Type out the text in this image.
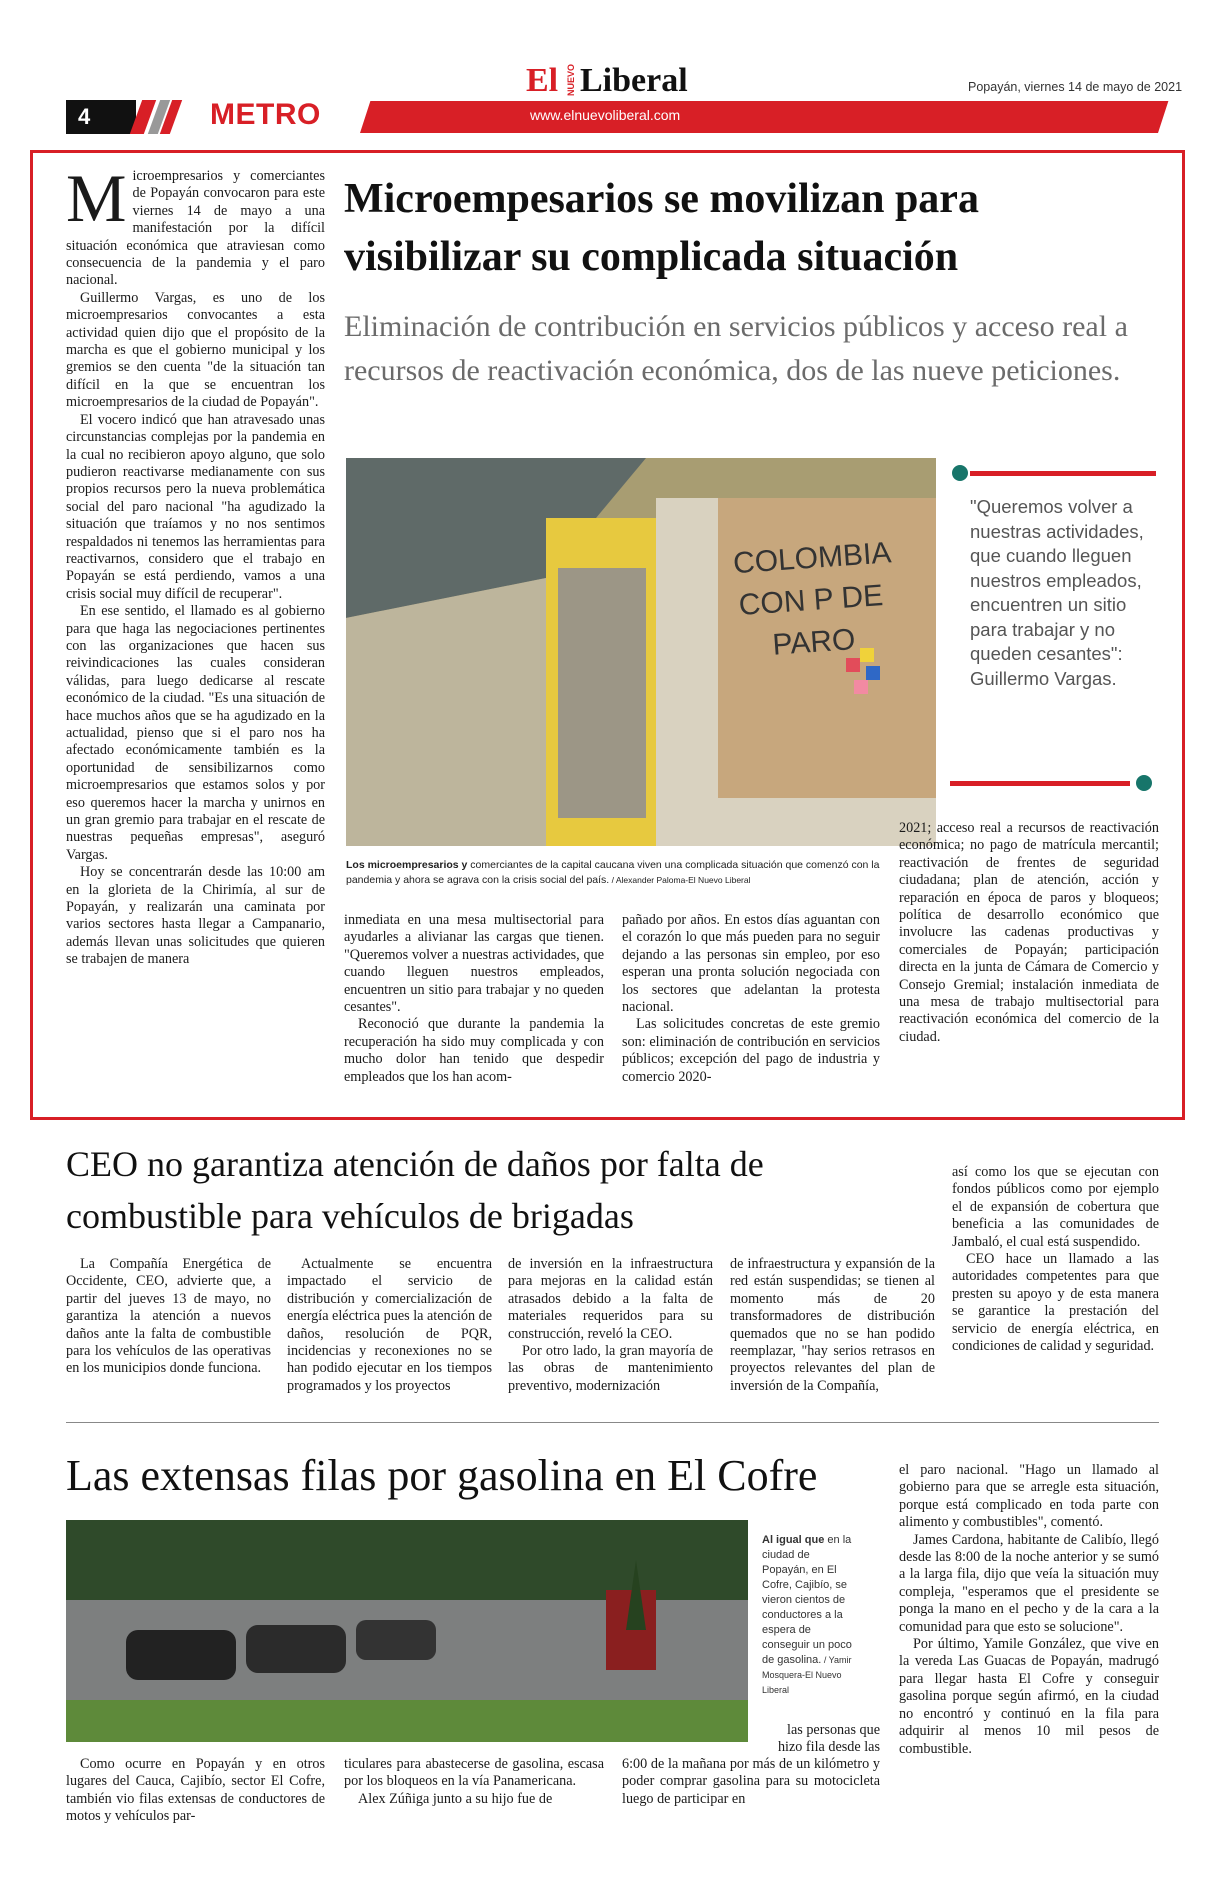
4	METRO
El NUEVO Liberal	Popayán, viernes 14 de mayo de 2021
www.elnuevoliberal.com

Microempresarios y comerciantes de Popayán convocaron para este viernes 14 de mayo a una manifestación por la difícil situación económica que atraviesan como consecuencia de la pandemia y el paro nacional.

Guillermo Vargas, es uno de los microempresarios convocantes a esta actividad quien dijo que el propósito de la marcha es que el gobierno municipal y los gremios se den cuenta "de la situación tan difícil en la que se encuentran los microempresarios de la ciudad de Popayán".

El vocero indicó que han atravesado unas circunstancias complejas por la pandemia en la cual no recibieron apoyo alguno, que solo pudieron reactivarse medianamente con sus propios recursos pero la nueva problemática social del paro nacional "ha agudizado la situación que traíamos y no nos sentimos respaldados ni tenemos las herramientas para reactivarnos, considero que el trabajo en Popayán se está perdiendo, vamos a una crisis social muy difícil de recuperar".

En ese sentido, el llamado es al gobierno para que haga las negociaciones pertinentes con las organizaciones que hacen sus reivindicaciones las cuales consideran válidas, para luego dedicarse al rescate económico de la ciudad. "Es una situación de hace muchos años que se ha agudizado en la actualidad, pienso que si el paro nos ha afectado económicamente también es la oportunidad de sensibilizarnos como microempresarios que estamos solos y por eso queremos hacer la marcha y unirnos en un gran gremio para trabajar en el rescate de nuestras pequeñas empresas", aseguró Vargas.

Hoy se concentrarán desde las 10:00 am en la glorieta de la Chirimía, al sur de Popayán, y realizarán una caminata por varios sectores hasta llegar a Campanario, además llevan unas solicitudes que quieren se trabajen de manera

Microempesarios se movilizan para visibilizar su complicada situación
Eliminación de contribución en servicios públicos y acceso real a recursos de reactivación económica, dos de las nueve peticiones.
COLOMBIA CON P DE PARO
Los microempresarios y comerciantes de la capital caucana viven una complicada situación que comenzó con la pandemia y ahora se agrava con la crisis social del país. / Alexander Paloma-El Nuevo Liberal
"Queremos volver a nuestras actividades, que cuando lleguen nuestros empleados, encuentren un sitio para trabajar y no queden cesantes": Guillermo Vargas.

inmediata en una mesa multisectorial para ayudarles a alivianar las cargas que tienen. "Queremos volver a nuestras actividades, que cuando lleguen nuestros empleados, encuentren un sitio para trabajar y no queden cesantes".

Reconoció que durante la pandemia la recuperación ha sido muy complicada y con mucho dolor han tenido que despedir empleados que los han acom-

pañado por años. En estos días aguantan con el corazón lo que más pueden para no seguir dejando a las personas sin empleo, por eso esperan una pronta solución negociada con los sectores que adelantan la protesta nacional.

Las solicitudes concretas de este gremio son: eliminación de contribución en servicios públicos; excepción del pago de industria y comercio 2020-

2021; acceso real a recursos de reactivación económica; no pago de matrícula mercantil; reactivación de frentes de seguridad ciudadana; plan de atención, acción y reparación en época de paros y bloqueos; política de desarrollo económico que involucre las cadenas productivas y comerciales de Popayán; participación directa en la junta de Cámara de Comercio y Consejo Gremial; instalación inmediata de una mesa de trabajo multisectorial para reactivación económica del comercio de la ciudad.

CEO no garantiza atención de daños por falta de combustible para vehículos de brigadas

La Compañía Energética de Occidente, CEO, advierte que, a partir del jueves 13 de mayo, no garantiza la atención a nuevos daños ante la falta de combustible para los vehículos de las operativas en los municipios donde funciona.

Actualmente se encuentra impactado el servicio de distribución y comercialización de energía eléctrica pues la atención de daños, resolución de PQR, incidencias y reconexiones no se han podido ejecutar en los tiempos programados y los proyectos

de inversión en la infraestructura para mejoras en la calidad están atrasados debido a la falta de materiales requeridos para su construcción, reveló la CEO.

Por otro lado, la gran mayoría de las obras de mantenimiento preventivo, modernización

de infraestructura y expansión de la red están suspendidas; se tienen al momento más de 20 transformadores de distribución quemados que no se han podido reemplazar, "hay serios retrasos en proyectos relevantes del plan de inversión de la Compañía,

así como los que se ejecutan con fondos públicos como por ejemplo el de expansión de cobertura que beneficia a las comunidades de Jambaló, el cual está suspendido.

CEO hace un llamado a las autoridades competentes para que presten su apoyo y de esta manera se garantice la prestación del servicio de energía eléctrica, en condiciones de calidad y seguridad.

Las extensas filas por gasolina en El Cofre
Al igual que en la ciudad de Popayán, en El Cofre, Cajibío, se vieron cientos de conductores a la espera de conseguir un poco de gasolina. / Yamir Mosquera-El Nuevo Liberal

Como ocurre en Popayán y en otros lugares del Cauca, Cajibío, sector El Cofre, también vio filas extensas de conductores de motos y vehículos par-

ticulares para abastecerse de gasolina, escasa por los bloqueos en la vía Panamericana.

Alex Zúñiga junto a su hijo fue de

las personas que hizo fila desde las

6:00 de la mañana por más de un kilómetro y poder comprar gasolina para su motocicleta luego de participar en

el paro nacional. "Hago un llamado al gobierno para que se arregle esta situación, porque está complicado en toda parte con alimento y combustibles", comentó.

James Cardona, habitante de Calibío, llegó desde las 8:00 de la noche anterior y se sumó a la larga fila, dijo que veía la situación muy compleja, "esperamos que el presidente se ponga la mano en el pecho y de la cara a la comunidad para que esto se solucione".

Por último, Yamile González, que vive en la vereda Las Guacas de Popayán, madrugó para llegar hasta El Cofre y conseguir gasolina porque según afirmó, en la ciudad no encontró y continuó en la fila para adquirir al menos 10 mil pesos de combustible.
